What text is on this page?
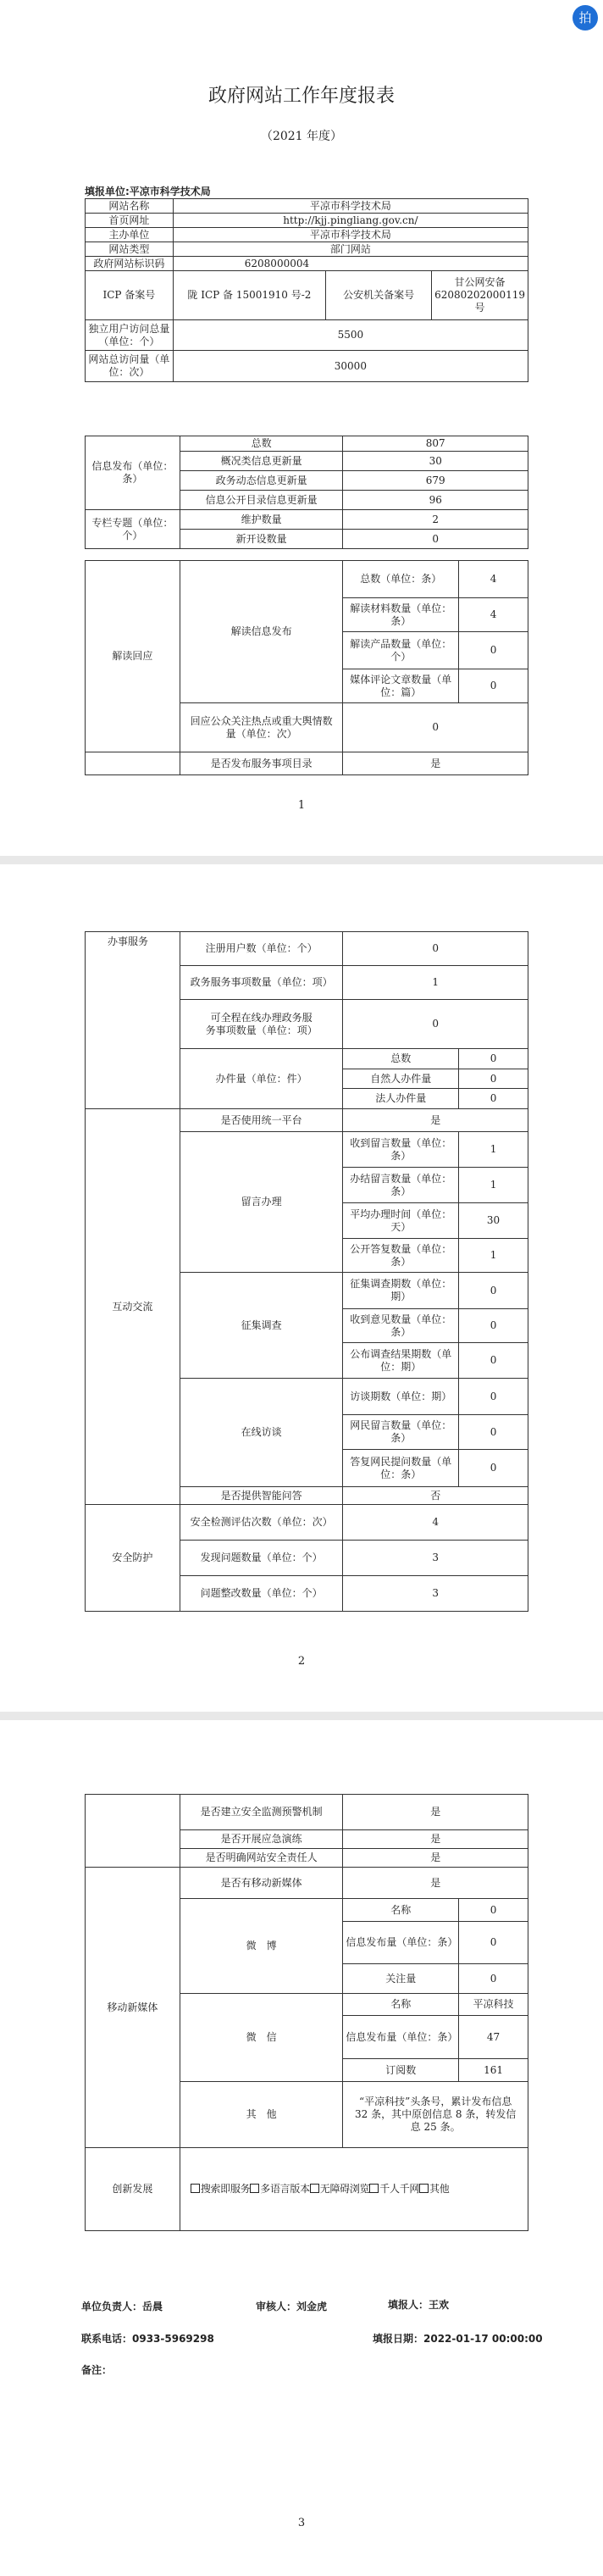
拍
政府网站工作年度报表
（2021 年度）
填报单位:平凉市科学技术局
网站名称	平凉市科学技术局		
首页网址	http://kjj.pingliang.gov.cn/		
主办单位	平凉市科学技术局		
网站类型	部门网站		
政府网站标识码	6208000004		
ICP 备案号	陇 ICP 备 15001910 号-2	公安机关备案号	甘公网安备 62080202000119 号
独立用户访问总量（单位：个）	5500		
网站总访问量（单位：次）	30000		
信息发布（单位：条）	总数	807
	概况类信息更新量	30
	政务动态信息更新量	679
	信息公开目录信息更新量	96
专栏专题（单位：个）	维护数量	2
	新开设数量	0
解读回应	解读信息发布	总数（单位：条）	4
		解读材料数量（单位：条）	4
		解读产品数量（单位：个）	0
		媒体评论文章数量（单位：篇）	0
	回应公众关注热点或重大舆情数量（单位：次）	0	
	是否发布服务事项目录	是	
1
办事服务	注册用户数（单位：个）	0	
	政务服务事项数量（单位：项）	1	
	可全程在线办理政务服务事项数量（单位：项）	0	
	办件量（单位：件）	总数	0
		自然人办件量	0
		法人办件量	0
互动交流	是否使用统一平台	是	
	留言办理	收到留言数量（单位：条）	1
		办结留言数量（单位：条）	1
		平均办理时间（单位：天）	30
		公开答复数量（单位：条）	1
	征集调查	征集调查期数（单位：期）	0
		收到意见数量（单位：条）	0
		公布调查结果期数（单位：期）	0
	在线访谈	访谈期数（单位：期）	0
		网民留言数量（单位：条）	0
		答复网民提问数量（单位：条）	0
	是否提供智能问答	否	

安全防护	安全检测评估次数（单位：次）	4	
	发现问题数量（单位：个）	3	
	问题整改数量（单位：个）	3	
2
	是否建立安全监测预警机制	是	
	是否开展应急演练	是	
	是否明确网站安全责任人	是	
移动新媒体	是否有移动新媒体	是	
	微　博	名称	0
		信息发布量（单位：条）	0
		关注量	0
	微　信	名称	平凉科技
		信息发布量（单位：条）	47
		订阅数	161
	其　他	“平凉科技”头条号，累计发布信息 32 条，其中原创信息 8 条，转发信息 25 条。	
创新发展	搜索即服务 多语言版本 无障碍浏览 千人千网 其他		
单位负责人：岳晨	审核人：刘金虎	填报人：王欢
联系电话：0933-5969298	填报日期：2022-01-17 00:00:00
备注：
3
